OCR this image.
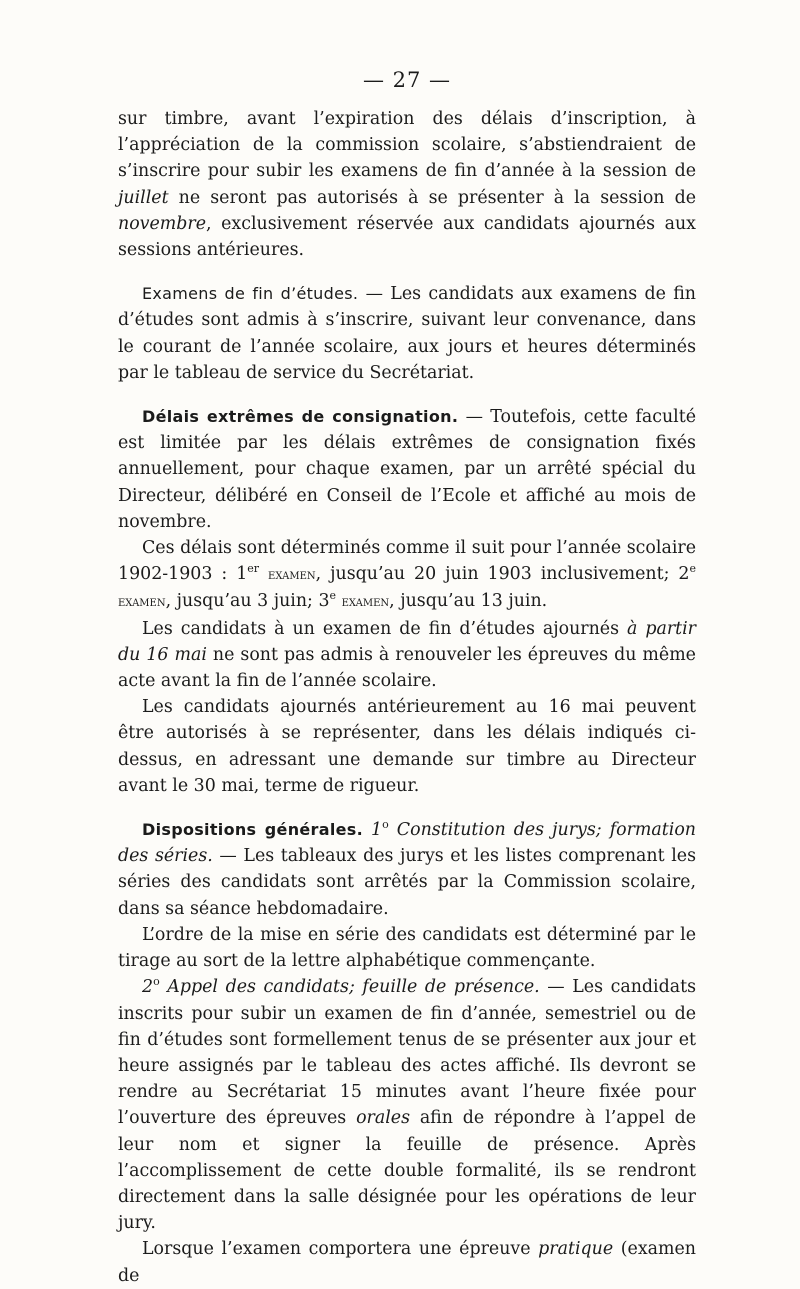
— 27 —

sur timbre, avant l’expiration des délais d’inscription, à l’appréciation de la commission scolaire, s’abstiendraient de s’inscrire pour subir les examens de fin d’année à la session de juillet ne seront pas autorisés à se présenter à la session de novembre, exclusivement réservée aux candidats ajournés aux sessions antérieures.

Examens de fin d’études. — Les candidats aux examens de fin d’études sont admis à s’inscrire, suivant leur convenance, dans le courant de l’année scolaire, aux jours et heures déterminés par le tableau de service du Secrétariat.

Délais extrêmes de consignation. — Toutefois, cette faculté est limitée par les délais extrêmes de consignation fixés annuellement, pour chaque examen, par un arrêté spécial du Directeur, délibéré en Conseil de l’Ecole et affiché au mois de novembre.

Ces délais sont déterminés comme il suit pour l’année scolaire 1902-1903 : 1er examen, jusqu’au 20 juin 1903 inclusivement; 2e examen, jusqu’au 3 juin; 3e examen, jusqu’au 13 juin.

Les candidats à un examen de fin d’études ajournés à partir du 16 mai ne sont pas admis à renouveler les épreuves du même acte avant la fin de l’année scolaire.

Les candidats ajournés antérieurement au 16 mai peuvent être autorisés à se représenter, dans les délais indiqués ci-dessus, en adressant une demande sur timbre au Directeur avant le 30 mai, terme de rigueur.

Dispositions générales. 1$^o$ Constitution des jurys; formation des séries. — Les tableaux des jurys et les listes comprenant les séries des candidats sont arrêtés par la Commission scolaire, dans sa séance hebdomadaire.

L’ordre de la mise en série des candidats est déterminé par le tirage au sort de la lettre alphabétique commençante.

2$^o$ Appel des candidats; feuille de présence. — Les candidats inscrits pour subir un examen de fin d’année, semestriel ou de fin d’études sont formellement tenus de se présenter aux jour et heure assignés par le tableau des actes affiché. Ils devront se rendre au Secrétariat 15 minutes avant l’heure fixée pour l’ouverture des épreuves orales afin de répondre à l’appel de leur nom et signer la feuille de présence. Après l’accomplissement de cette double formalité, ils se rendront directement dans la salle désignée pour les opérations de leur jury.

Lorsque l’examen comportera une épreuve pratique (examen de
